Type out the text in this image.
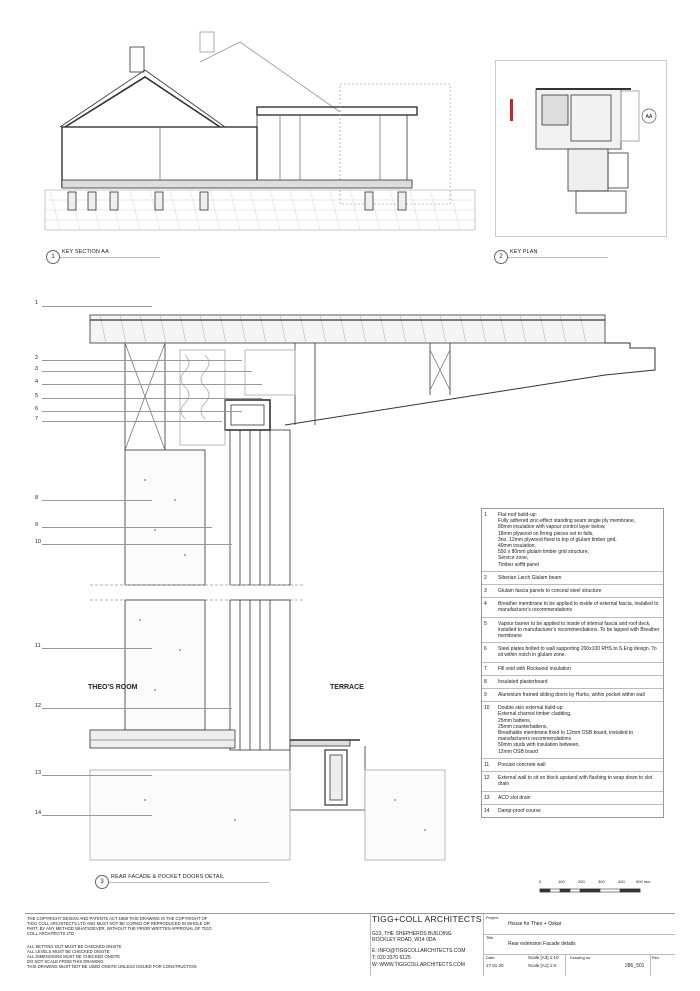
1
KEY SECTION AA
AA
2
KEY PLAN
1
2
3
4
5
6
7
8
9
10
11
12
13
14
THEO'S ROOM	TERRACE
1	Flat roof build-up:
Fully adhered zinc-effect standing seam single ply membrane,
80mm insulation with vapour control layer below,
18mm plywood on firring pieces set to falls,
3no. 12mm plywood fixed to top of glulam timber grid,
40mm insulation,
550 x 80mm glulam timber grid structure,
Service zone,
Timber soffit panel
2	Siberian Larch Glulam beam
3	Glulam fascia panels to conceal steel structure
4	Breather membrane to be applied to inside of external fascia, installed to manufacturer's recommendations
5	Vapour barrier to be applied to inside of internal fascia and roof deck, installed to manufacturer's recommendations. To be lapped with Breather membrane
6	Steel plates bolted to wall supporting 200x100 RHS to S.Eng design. To sit within notch in glulam zone.
7	Fill void with Rockwool insulation
8	Insulated plasterboard
9	Aluminium framed sliding doors by Hurks, within pocket within wall
10	Double skin external build-up:
External charred timber cladding,
25mm battens,
25mm counterbattens,
Breathable membrane fixed to 12mm OSB board, installed to manufacturers recommendations
50mm studs with insulation between,
12mm OSB board
11	Precast concrete wall
12	External wall to sit on block upstand with flashing to wrap down to slot drain
13	ACO slot drain
14	Damp-proof course
3
REAR FACADE & POCKET DOORS DETAIL
0	100	200	300	400	500 mm
THE COPYRIGHT DESIGN AND PATENTS ACT 1988 THIS DRAWING IS THE COPYRIGHT OF TIGG COLL ARCHITECTS LTD AND MUST NOT BE COPIED OR REPRODUCED IN WHOLE OR PART, BY ANY METHOD WHATSOEVER, WITHOUT THE PRIOR WRITTEN APPROVAL OF TIGG COLL ARCHITECTS LTD
ALL SETTING OUT MUST BE CHECKED ONSITE
ALL LEVELS MUST BE CHECKED ONSITE
ALL DIMENSIONS MUST BE CHECKED ONSITE
DO NOT SCALE FROM THIS DRAWING
THIS DRAWING MUST NOT BE USED ONSITE UNLESS ISSUED FOR CONSTRUCTION
TIGG+COLL ARCHITECTS
G23, THE SHEPHERDS BUILDING
ROCKLEY ROAD, W14 0DA
E: INFO@TIGGCOLLARCHITECTS.COM
T: 020 3370 6125
W: WWW.TIGGCOLLARCHITECTS.COM
Project
House for Theo + Oskar
Title
Rear extension Facade details
Date
17.01.20
Scale [A3] 1:10
Scale [A1] 1:5
Drawing no.
286_501
Rev.
